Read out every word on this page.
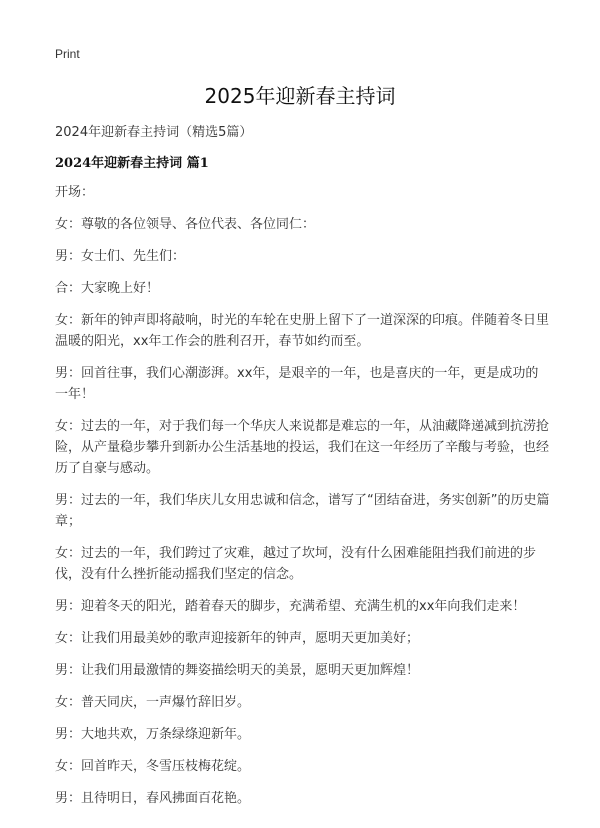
Print
2025年迎新春主持词

2024年迎新春主持词（精选5篇）

2024年迎新春主持词 篇1

开场：

女：尊敬的各位领导、各位代表、各位同仁：

男：女士们、先生们：

合：大家晚上好！

女：新年的钟声即将敲响，时光的车轮在史册上留下了一道深深的印痕。伴随着冬日里温暖的阳光，xx年工作会的胜利召开，春节如约而至。

男：回首往事，我们心潮澎湃。xx年，是艰辛的一年，也是喜庆的一年，更是成功的一年！

女：过去的一年，对于我们每一个华庆人来说都是难忘的一年，从油藏降递减到抗涝抢险，从产量稳步攀升到新办公生活基地的投运，我们在这一年经历了辛酸与考验，也经历了自豪与感动。

男：过去的一年，我们华庆儿女用忠诚和信念，谱写了“团结奋进，务实创新”的历史篇章；

女：过去的一年，我们跨过了灾难，越过了坎坷，没有什么困难能阻挡我们前进的步伐，没有什么挫折能动摇我们坚定的信念。

男：迎着冬天的阳光，踏着春天的脚步，充满希望、充满生机的xx年向我们走来！

女：让我们用最美妙的歌声迎接新年的钟声，愿明天更加美好；

男：让我们用最激情的舞姿描绘明天的美景，愿明天更加辉煌！

女：普天同庆，一声爆竹辞旧岁。

男：大地共欢，万条绿绦迎新年。

女：回首昨天，冬雪压枝梅花绽。

男：且待明日，春风拂面百花艳。
